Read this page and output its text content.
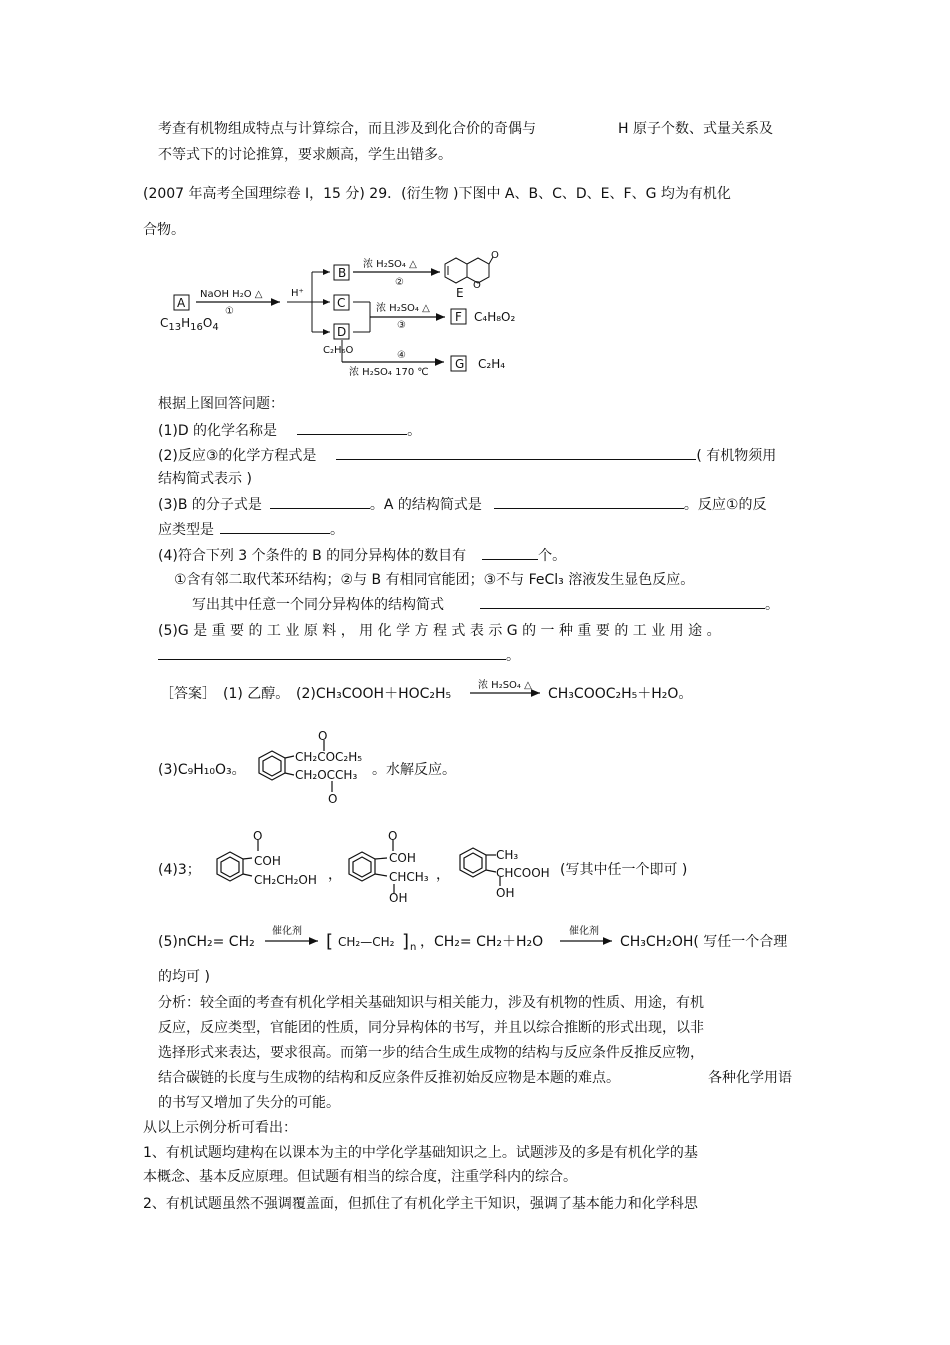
考查有机物组成特点与计算综合，而且涉及到化合价的奇偶与	H 原子个数、式量关系及
不等式下的讨论推算，要求颇高，学生出错多。
(2007 年高考全国理综卷 I，15 分) 29．(衍生物 )下图中 A、B、C、D、E、F、G 均为有机化
合物。
A
$C_{13}H_{16}O_4$
NaOH H₂O △
①
H⁺
B
C
D
C₂H₆O
浓 H₂SO₄ △
②
O
O
E
浓 H₂SO₄ △
③
F C₄H₈O₂
④
浓 H₂SO₄ 170 ℃
G C₂H₄
根据上图回答问题：
(1)D 的化学名称是	。
(2)反应③的化学方程式是	( 有机物须用
结构简式表示 )
(3)B 的分子式是	。A 的结构简式是	。反应①的反
应类型是	。
(4)符合下列 3 个条件的 B 的同分异构体的数目有	个。
①含有邻二取代苯环结构；②与 B 有相同官能团；③不与 FeCl₃ 溶液发生显色反应。
写出其中任意一个同分异构体的结构简式	。
(5)G 是 重 要 的 工 业 原 料 ， 用 化 学 方 程 式 表 示 G 的 一 种 重 要 的 工 业 用 途 。
。
［答案］ (1) 乙醇。 (2)CH₃COOH＋HOC₂H₅	CH₃COOC₂H₅＋H₂O。
(3)C₉H₁₀O₃。	。水解反应。
(4)3；	，	，	(写其中任一个即可 )
(5)nCH₂= CH₂	，CH₂= CH₂＋H₂O	CH₃CH₂OH( 写任一个合理
的均可 )
浓 H₂SO₄ △
O
CH₂COC₂H₅
CH₂OCCH₃
O
O
COH
CH₂CH₂OH
O
COH
CHCH₃
OH
CH₃
CHCOOH
OH
催化剂 [ CH₂—CH₂ ] n
催化剂
分析：较全面的考查有机化学相关基础知识与相关能力，涉及有机物的性质、用途，有机
反应，反应类型，官能团的性质，同分异构体的书写，并且以综合推断的形式出现，以非
选择形式来表达，要求很高。而第一步的结合生成生成物的结构与反应条件反推反应物，
结合碳链的长度与生成物的结构和反应条件反推初始反应物是本题的难点。	各种化学用语
的书写又增加了失分的可能。
从以上示例分析可看出：
1、有机试题均建构在以课本为主的中学化学基础知识之上。试题涉及的多是有机化学的基
本概念、基本反应原理。但试题有相当的综合度，注重学科内的综合。
2、有机试题虽然不强调覆盖面，但抓住了有机化学主干知识，强调了基本能力和化学科思
